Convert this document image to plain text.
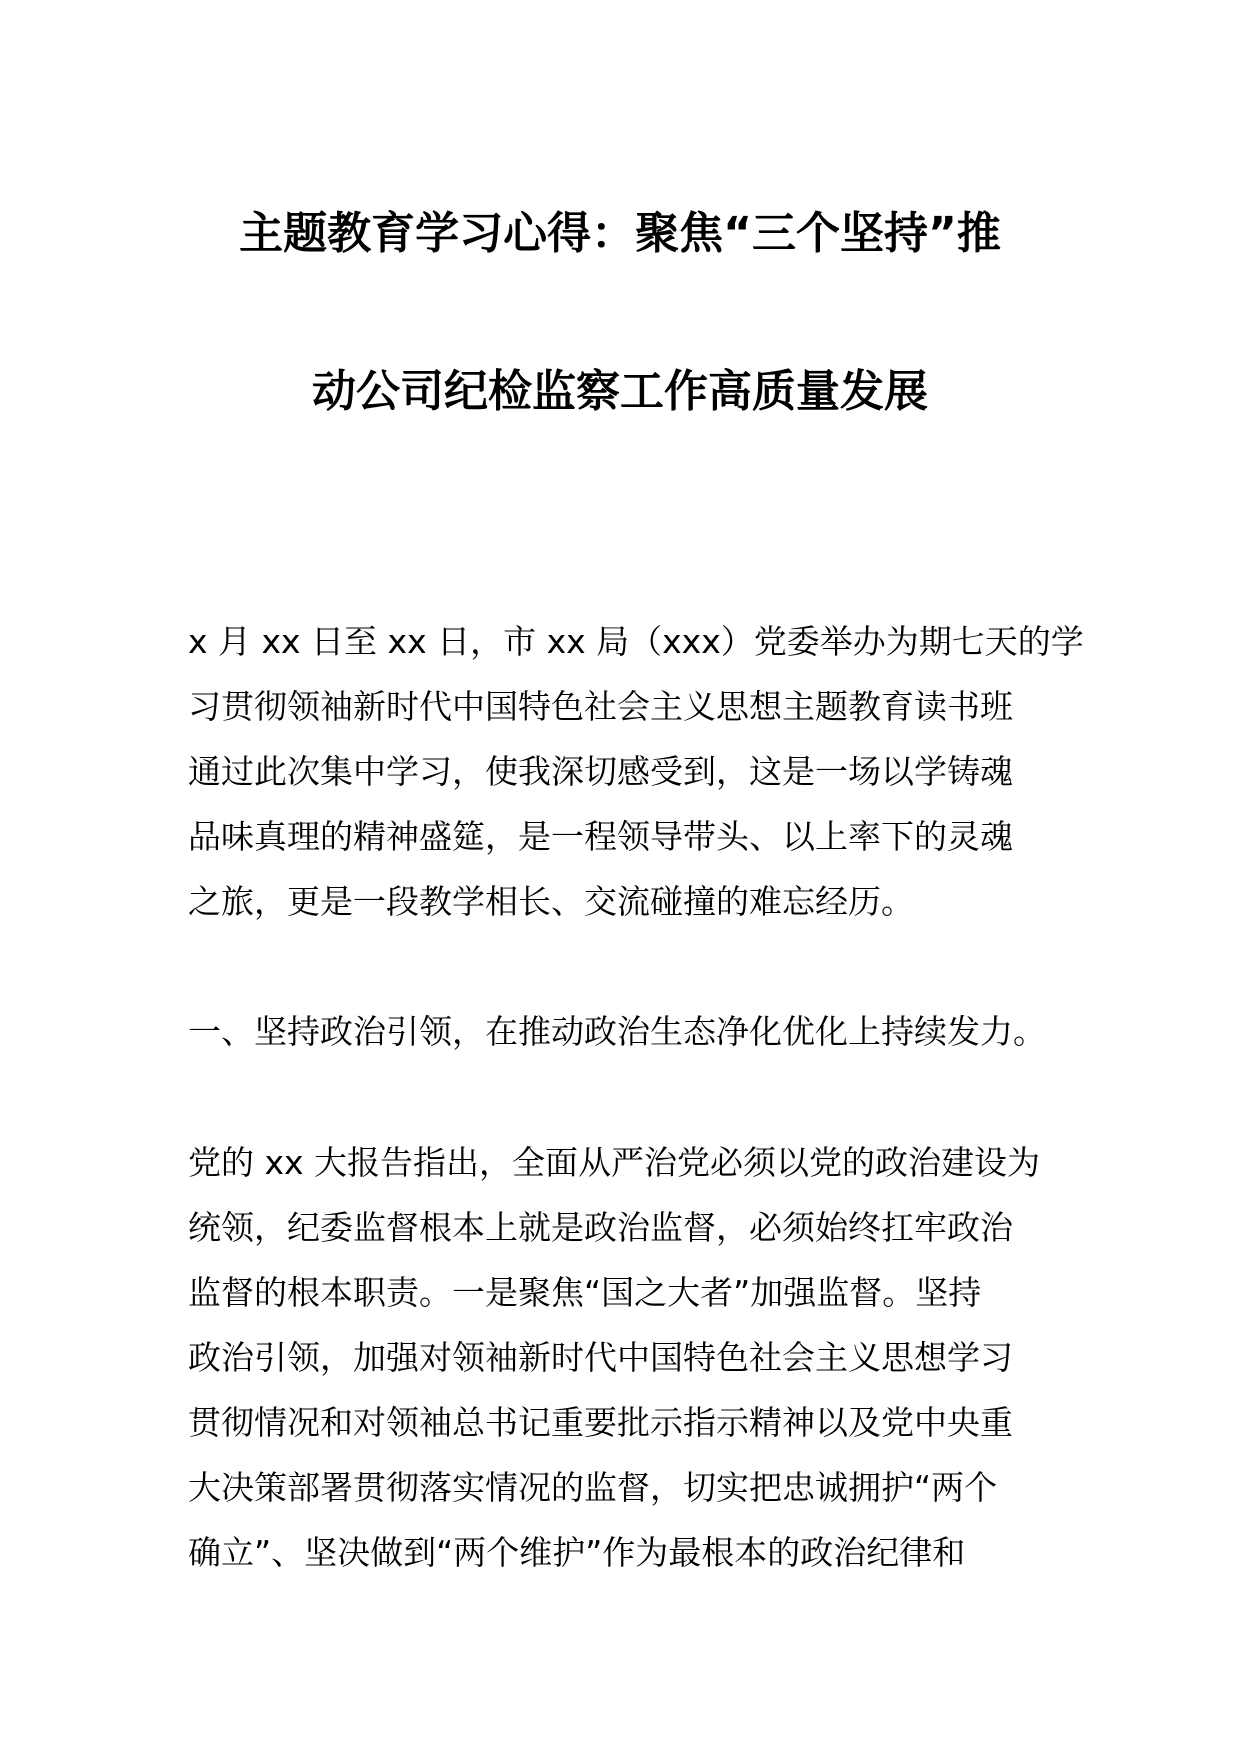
主题教育学习心得：聚焦“三个坚持”推
动公司纪检监察工作高质量发展
x 月 xx 日至 xx 日，市 xx 局（xxx）党委举办为期七天的学
习贯彻领袖新时代中国特色社会主义思想主题教育读书班
通过此次集中学习，使我深切感受到，这是一场以学铸魂
品味真理的精神盛筵，是一程领导带头、以上率下的灵魂
之旅，更是一段教学相长、交流碰撞的难忘经历。
一、坚持政治引领，在推动政治生态净化优化上持续发力。
党的 xx 大报告指出，全面从严治党必须以党的政治建设为
统领，纪委监督根本上就是政治监督，必须始终扛牢政治
监督的根本职责。一是聚焦“国之大者”加强监督。坚持
政治引领，加强对领袖新时代中国特色社会主义思想学习
贯彻情况和对领袖总书记重要批示指示精神以及党中央重
大决策部署贯彻落实情况的监督，切实把忠诚拥护“两个
确立”、坚决做到“两个维护”作为最根本的政治纪律和
